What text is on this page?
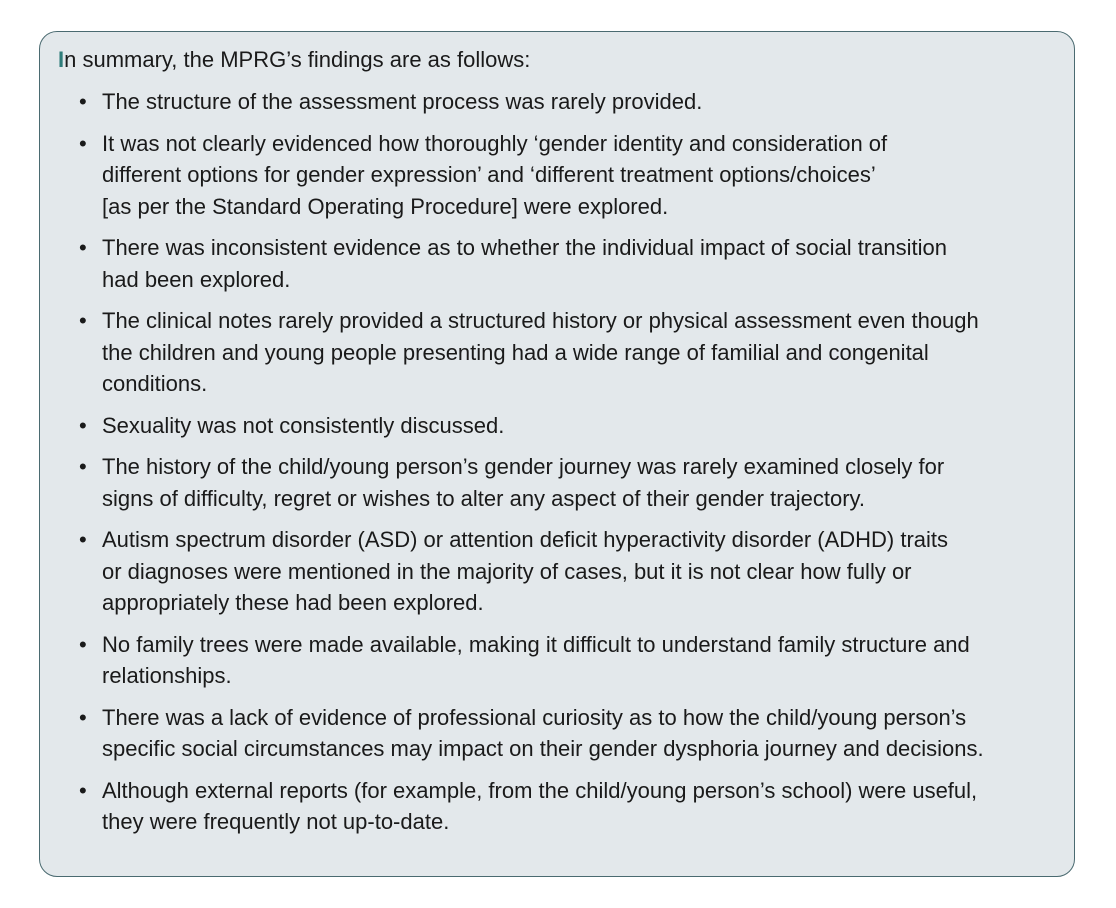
In summary, the MPRG’s findings are as follows:

• The structure of the assessment process was rarely provided.
• It was not clearly evidenced how thoroughly ‘gender identity and consideration of
different options for gender expression’ and ‘different treatment options/choices’
[as per the Standard Operating Procedure] were explored.
• There was inconsistent evidence as to whether the individual impact of social transition
had been explored.
• The clinical notes rarely provided a structured history or physical assessment even though
the children and young people presenting had a wide range of familial and congenital
conditions.
• Sexuality was not consistently discussed.
• The history of the child/young person’s gender journey was rarely examined closely for
signs of difficulty, regret or wishes to alter any aspect of their gender trajectory.
• Autism spectrum disorder (ASD) or attention deficit hyperactivity disorder (ADHD) traits
or diagnoses were mentioned in the majority of cases, but it is not clear how fully or
appropriately these had been explored.
• No family trees were made available, making it difficult to understand family structure and
relationships.
• There was a lack of evidence of professional curiosity as to how the child/young person’s
specific social circumstances may impact on their gender dysphoria journey and decisions.
• Although external reports (for example, from the child/young person’s school) were useful,
they were frequently not up-to-date.
